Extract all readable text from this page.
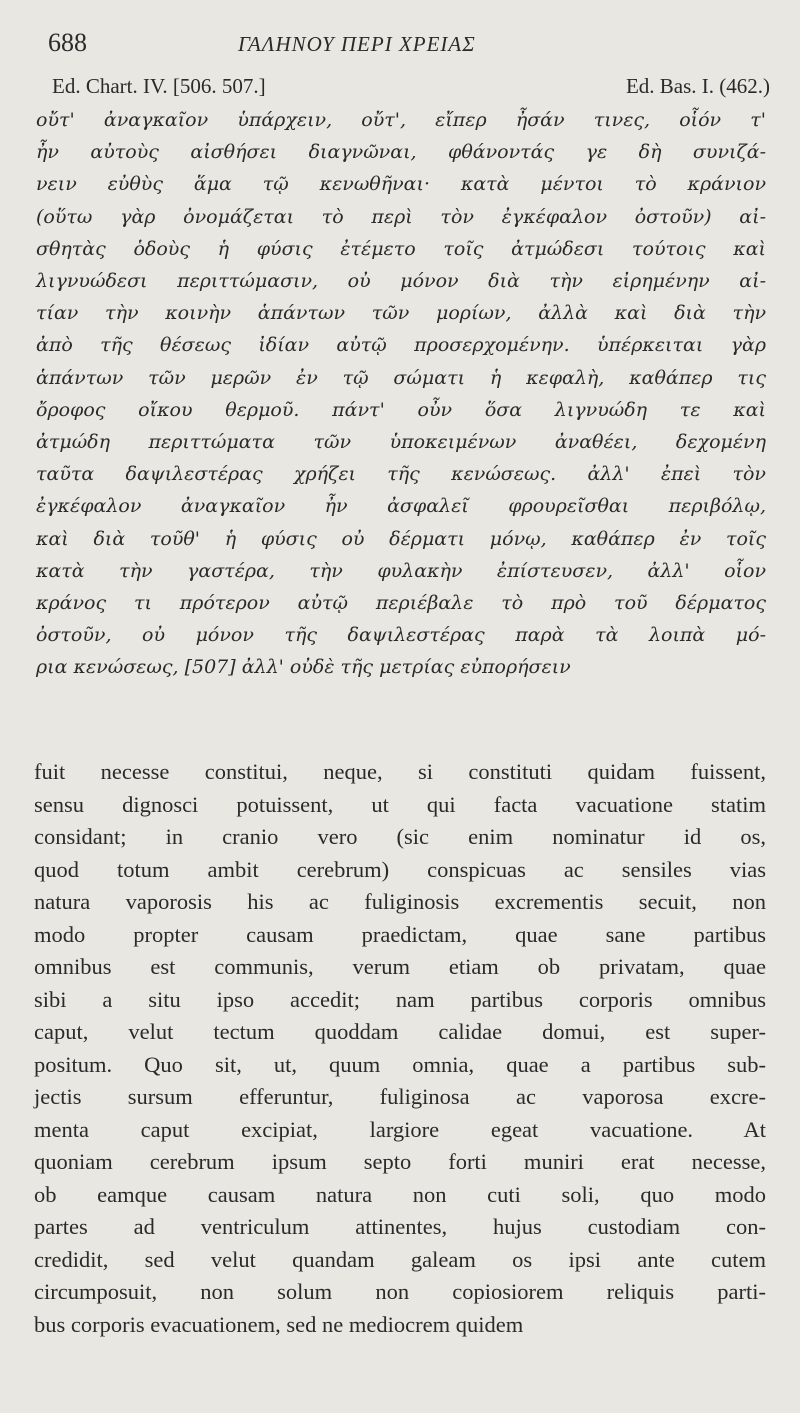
688	ΓΑΛΗΝΟΥ ΠΕΡΙ ΧΡΕΙΑΣ
Ed. Chart. IV. [506. 507.]	Ed. Bas. I. (462.)
οὔτ' ἀναγκαῖον ὑπάρχειν, οὔτ', εἴπερ ἦσάν τινες, οἷόν τ'
ἦν αὐτοὺς αἰσθήσει διαγνῶναι, φθάνοντάς γε δὴ συνιζά-
νειν εὐθὺς ἅμα τῷ κενωθῆναι· κατὰ μέντοι τὸ κράνιον
(οὕτω γὰρ ὀνομάζεται τὸ περὶ τὸν ἐγκέφαλον ὀστοῦν) αἰ-
σθητὰς ὁδοὺς ἡ φύσις ἐτέμετο τοῖς ἀτμώδεσι τούτοις καὶ
λιγνυώδεσι περιττώμασιν, οὐ μόνον διὰ τὴν εἰρημένην αἰ-
τίαν τὴν κοινὴν ἁπάντων τῶν μορίων, ἀλλὰ καὶ διὰ τὴν
ἀπὸ τῆς θέσεως ἰδίαν αὐτῷ προσερχομένην. ὑπέρκειται γὰρ
ἁπάντων τῶν μερῶν ἐν τῷ σώματι ἡ κεφαλὴ, καθάπερ τις
ὄροφος οἴκου θερμοῦ. πάντ' οὖν ὅσα λιγνυώδη τε καὶ
ἀτμώδη περιττώματα τῶν ὑποκειμένων ἀναθέει, δεχομένη
ταῦτα δαψιλεστέρας χρήζει τῆς κενώσεως. ἀλλ' ἐπεὶ τὸν
ἐγκέφαλον ἀναγκαῖον ἦν ἀσφαλεῖ φρουρεῖσθαι περιβόλῳ,
καὶ διὰ τοῦθ' ἡ φύσις οὐ δέρματι μόνῳ, καθάπερ ἐν τοῖς
κατὰ τὴν γαστέρα, τὴν φυλακὴν ἐπίστευσεν, ἀλλ' οἷον
κράνος τι πρότερον αὐτῷ περιέβαλε τὸ πρὸ τοῦ δέρματος
ὀστοῦν, οὐ μόνον τῆς δαψιλεστέρας παρὰ τὰ λοιπὰ μό-
ρια κενώσεως, [507] ἀλλ' οὐδὲ τῆς μετρίας εὐπορήσειν
fuit necesse constitui, neque, si constituti quidam fuissent,
sensu dignosci potuissent, ut qui facta vacuatione statim
considant; in cranio vero (sic enim nominatur id os,
quod totum ambit cerebrum) conspicuas ac sensiles vias
natura vaporosis his ac fuliginosis excrementis secuit, non
modo propter causam praedictam, quae sane partibus
omnibus est communis, verum etiam ob privatam, quae
sibi a situ ipso accedit; nam partibus corporis omnibus
caput, velut tectum quoddam calidae domui, est super-
positum. Quo sit, ut, quum omnia, quae a partibus sub-
jectis sursum efferuntur, fuliginosa ac vaporosa excre-
menta caput excipiat, largiore egeat vacuatione. At
quoniam cerebrum ipsum septo forti muniri erat necesse,
ob eamque causam natura non cuti soli, quo modo
partes ad ventriculum attinentes, hujus custodiam con-
credidit, sed velut quandam galeam os ipsi ante cutem
circumposuit, non solum non copiosiorem reliquis parti-
bus corporis evacuationem, sed ne mediocrem quidem
